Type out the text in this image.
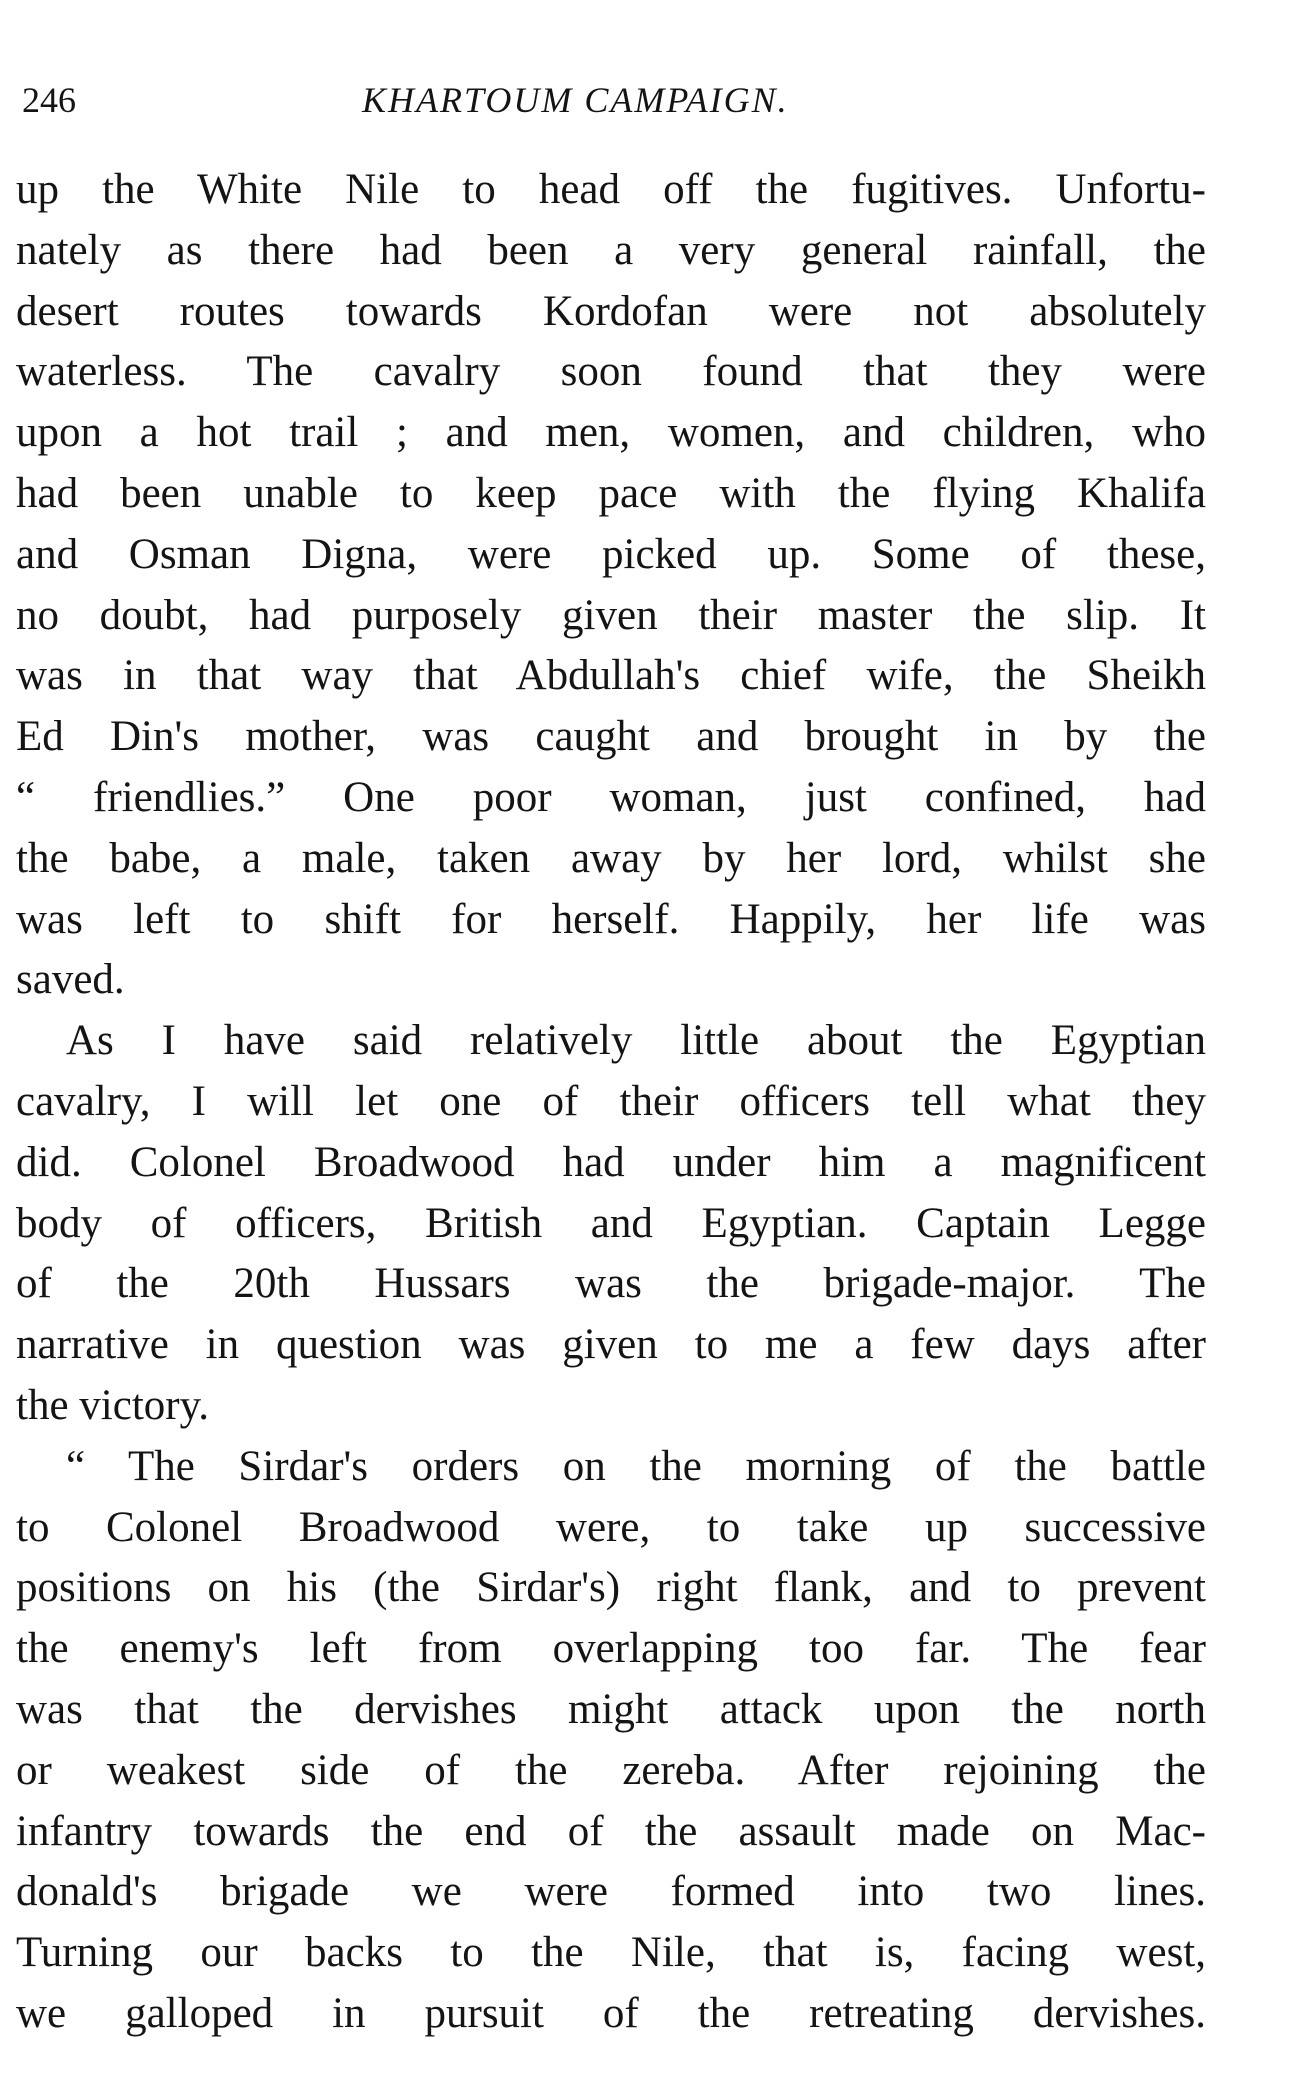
246	KHARTOUM CAMPAIGN.
up the White Nile to head off the fugitives. Unfortu-
nately as there had been a very general rainfall, the
desert routes towards Kordofan were not absolutely
waterless. The cavalry soon found that they were
upon a hot trail ; and men, women, and children, who
had been unable to keep pace with the flying Khalifa
and Osman Digna, were picked up. Some of these,
no doubt, had purposely given their master the slip. It
was in that way that Abdullah's chief wife, the Sheikh
Ed Din's mother, was caught and brought in by the
“ friendlies.” One poor woman, just confined, had
the babe, a male, taken away by her lord, whilst she
was left to shift for herself. Happily, her life was
saved.
As I have said relatively little about the Egyptian
cavalry, I will let one of their officers tell what they
did. Colonel Broadwood had under him a magnificent
body of officers, British and Egyptian. Captain Legge
of the 20th Hussars was the brigade-major. The
narrative in question was given to me a few days after
the victory.
“ The Sirdar's orders on the morning of the battle
to Colonel Broadwood were, to take up successive
positions on his (the Sirdar's) right flank, and to prevent
the enemy's left from overlapping too far. The fear
was that the dervishes might attack upon the north
or weakest side of the zereba. After rejoining the
infantry towards the end of the assault made on Mac-
donald's brigade we were formed into two lines.
Turning our backs to the Nile, that is, facing west,
we galloped in pursuit of the retreating dervishes.
